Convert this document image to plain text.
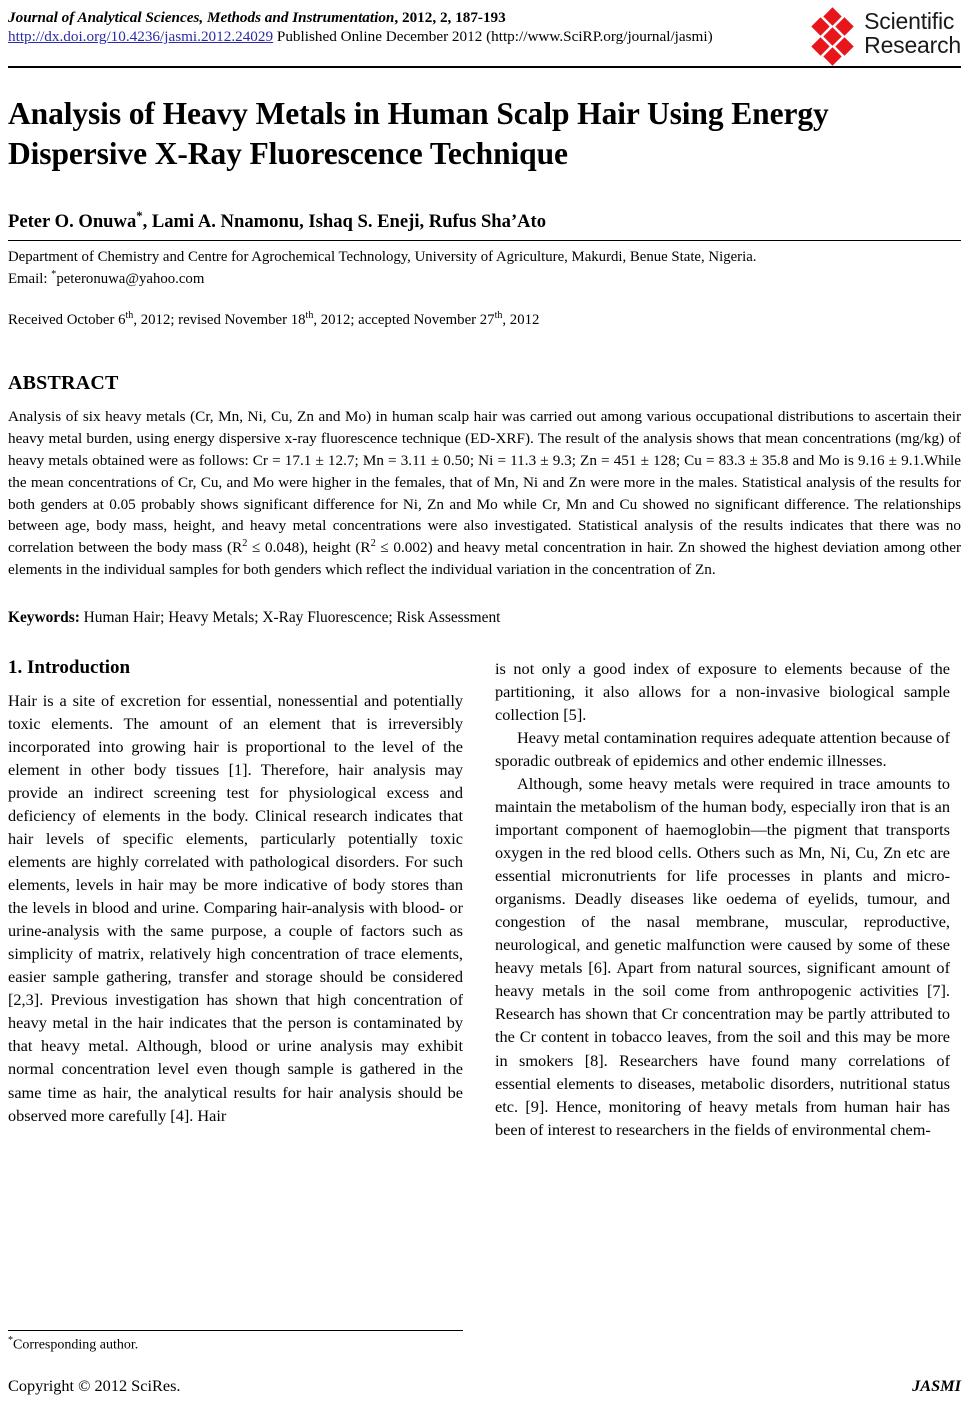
Journal of Analytical Sciences, Methods and Instrumentation, 2012, 2, 187-193
http://dx.doi.org/10.4236/jasmi.2012.24029 Published Online December 2012 (http://www.SciRP.org/journal/jasmi)
Scientific
Research
Analysis of Heavy Metals in Human Scalp Hair Using Energy Dispersive X-Ray Fluorescence Technique
Peter O. Onuwa*, Lami A. Nnamonu, Ishaq S. Eneji, Rufus Sha’Ato
Department of Chemistry and Centre for Agrochemical Technology, University of Agriculture, Makurdi, Benue State, Nigeria.
Email: *peteronuwa@yahoo.com
Received October 6th, 2012; revised November 18th, 2012; accepted November 27th, 2012
ABSTRACT

Analysis of six heavy metals (Cr, Mn, Ni, Cu, Zn and Mo) in human scalp hair was carried out among various occupational distributions to ascertain their heavy metal burden, using energy dispersive x-ray fluorescence technique (ED-XRF). The result of the analysis shows that mean concentrations (mg/kg) of heavy metals obtained were as follows: Cr = 17.1 ± 12.7; Mn = 3.11 ± 0.50; Ni = 11.3 ± 9.3; Zn = 451 ± 128; Cu = 83.3 ± 35.8 and Mo is 9.16 ± 9.1.While the mean concentrations of Cr, Cu, and Mo were higher in the females, that of Mn, Ni and Zn were more in the males. Statistical analysis of the results for both genders at 0.05 probably shows significant difference for Ni, Zn and Mo while Cr, Mn and Cu showed no significant difference. The relationships between age, body mass, height, and heavy metal concentrations were also investigated. Statistical analysis of the results indicates that there was no correlation between the body mass $(R^2 \le 0.048)$, height $(R^2 \le 0.002)$ and heavy metal concentration in hair. Zn showed the highest deviation among other elements in the individual samples for both genders which reflect the individual variation in the concentration of Zn.

Keywords: Human Hair; Heavy Metals; X-Ray Fluorescence; Risk Assessment

1. Introduction

Hair is a site of excretion for essential, nonessential and potentially toxic elements. The amount of an element that is irreversibly incorporated into growing hair is proportional to the level of the element in other body tissues [1]. Therefore, hair analysis may provide an indirect screening test for physiological excess and deficiency of elements in the body. Clinical research indicates that hair levels of specific elements, particularly potentially toxic elements are highly correlated with pathological disorders. For such elements, levels in hair may be more indicative of body stores than the levels in blood and urine. Comparing hair-analysis with blood- or urine-analysis with the same purpose, a couple of factors such as simplicity of matrix, relatively high concentration of trace elements, easier sample gathering, transfer and storage should be considered [2,3]. Previous investigation has shown that high concentration of heavy metal in the hair indicates that the person is contaminated by that heavy metal. Although, blood or urine analysis may exhibit normal concentration level even though sample is gathered in the same time as hair, the analytical results for hair analysis should be observed more carefully [4]. Hair

is not only a good index of exposure to elements because of the partitioning, it also allows for a non-invasive biological sample collection [5].

Heavy metal contamination requires adequate attention because of sporadic outbreak of epidemics and other endemic illnesses.

Although, some heavy metals were required in trace amounts to maintain the metabolism of the human body, especially iron that is an important component of haemoglobin—the pigment that transports oxygen in the red blood cells. Others such as Mn, Ni, Cu, Zn etc are essential micronutrients for life processes in plants and micro-organisms. Deadly diseases like oedema of eyelids, tumour, and congestion of the nasal membrane, muscular, reproductive, neurological, and genetic malfunction were caused by some of these heavy metals [6]. Apart from natural sources, significant amount of heavy metals in the soil come from anthropogenic activities [7]. Research has shown that Cr concentration may be partly attributed to the Cr content in tobacco leaves, from the soil and this may be more in smokers [8]. Researchers have found many correlations of essential elements to diseases, metabolic disorders, nutritional status etc. [9]. Hence, monitoring of heavy metals from human hair has been of interest to researchers in the fields of environmental chem-

*Corresponding author.
Copyright © 2012 SciRes.	JASMI
